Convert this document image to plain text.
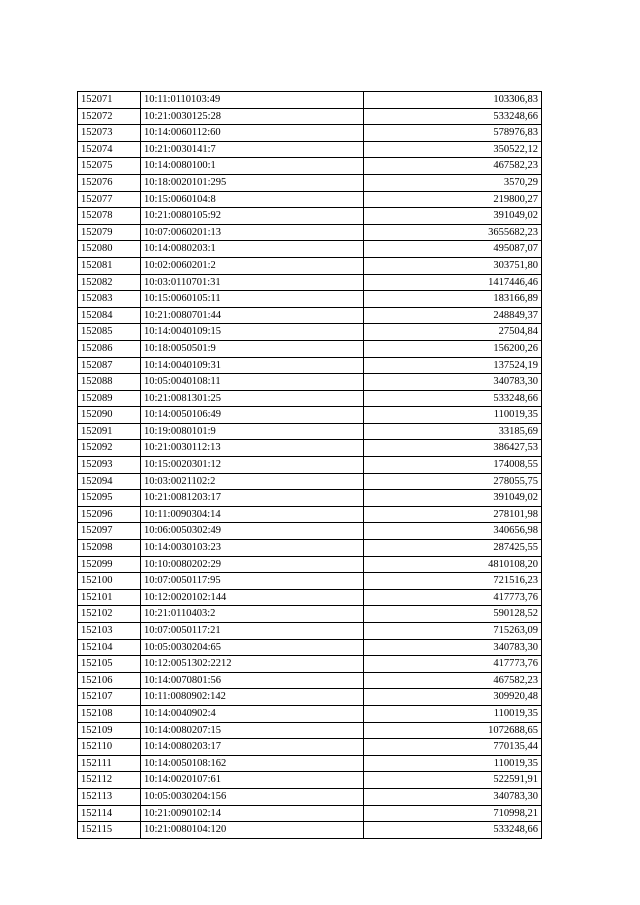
152071	10:11:0110103:49	103306,83
152072	10:21:0030125:28	533248,66
152073	10:14:0060112:60	578976,83
152074	10:21:0030141:7	350522,12
152075	10:14:0080100:1	467582,23
152076	10:18:0020101:295	3570,29
152077	10:15:0060104:8	219800,27
152078	10:21:0080105:92	391049,02
152079	10:07:0060201:13	3655682,23
152080	10:14:0080203:1	495087,07
152081	10:02:0060201:2	303751,80
152082	10:03:0110701:31	1417446,46
152083	10:15:0060105:11	183166,89
152084	10:21:0080701:44	248849,37
152085	10:14:0040109:15	27504,84
152086	10:18:0050501:9	156200,26
152087	10:14:0040109:31	137524,19
152088	10:05:0040108:11	340783,30
152089	10:21:0081301:25	533248,66
152090	10:14:0050106:49	110019,35
152091	10:19:0080101:9	33185,69
152092	10:21:0030112:13	386427,53
152093	10:15:0020301:12	174008,55
152094	10:03:0021102:2	278055,75
152095	10:21:0081203:17	391049,02
152096	10:11:0090304:14	278101,98
152097	10:06:0050302:49	340656,98
152098	10:14:0030103:23	287425,55
152099	10:10:0080202:29	4810108,20
152100	10:07:0050117:95	721516,23
152101	10:12:0020102:144	417773,76
152102	10:21:0110403:2	590128,52
152103	10:07:0050117:21	715263,09
152104	10:05:0030204:65	340783,30
152105	10:12:0051302:2212	417773,76
152106	10:14:0070801:56	467582,23
152107	10:11:0080902:142	309920,48
152108	10:14:0040902:4	110019,35
152109	10:14:0080207:15	1072688,65
152110	10:14:0080203:17	770135,44
152111	10:14:0050108:162	110019,35
152112	10:14:0020107:61	522591,91
152113	10:05:0030204:156	340783,30
152114	10:21:0090102:14	710998,21
152115	10:21:0080104:120	533248,66
